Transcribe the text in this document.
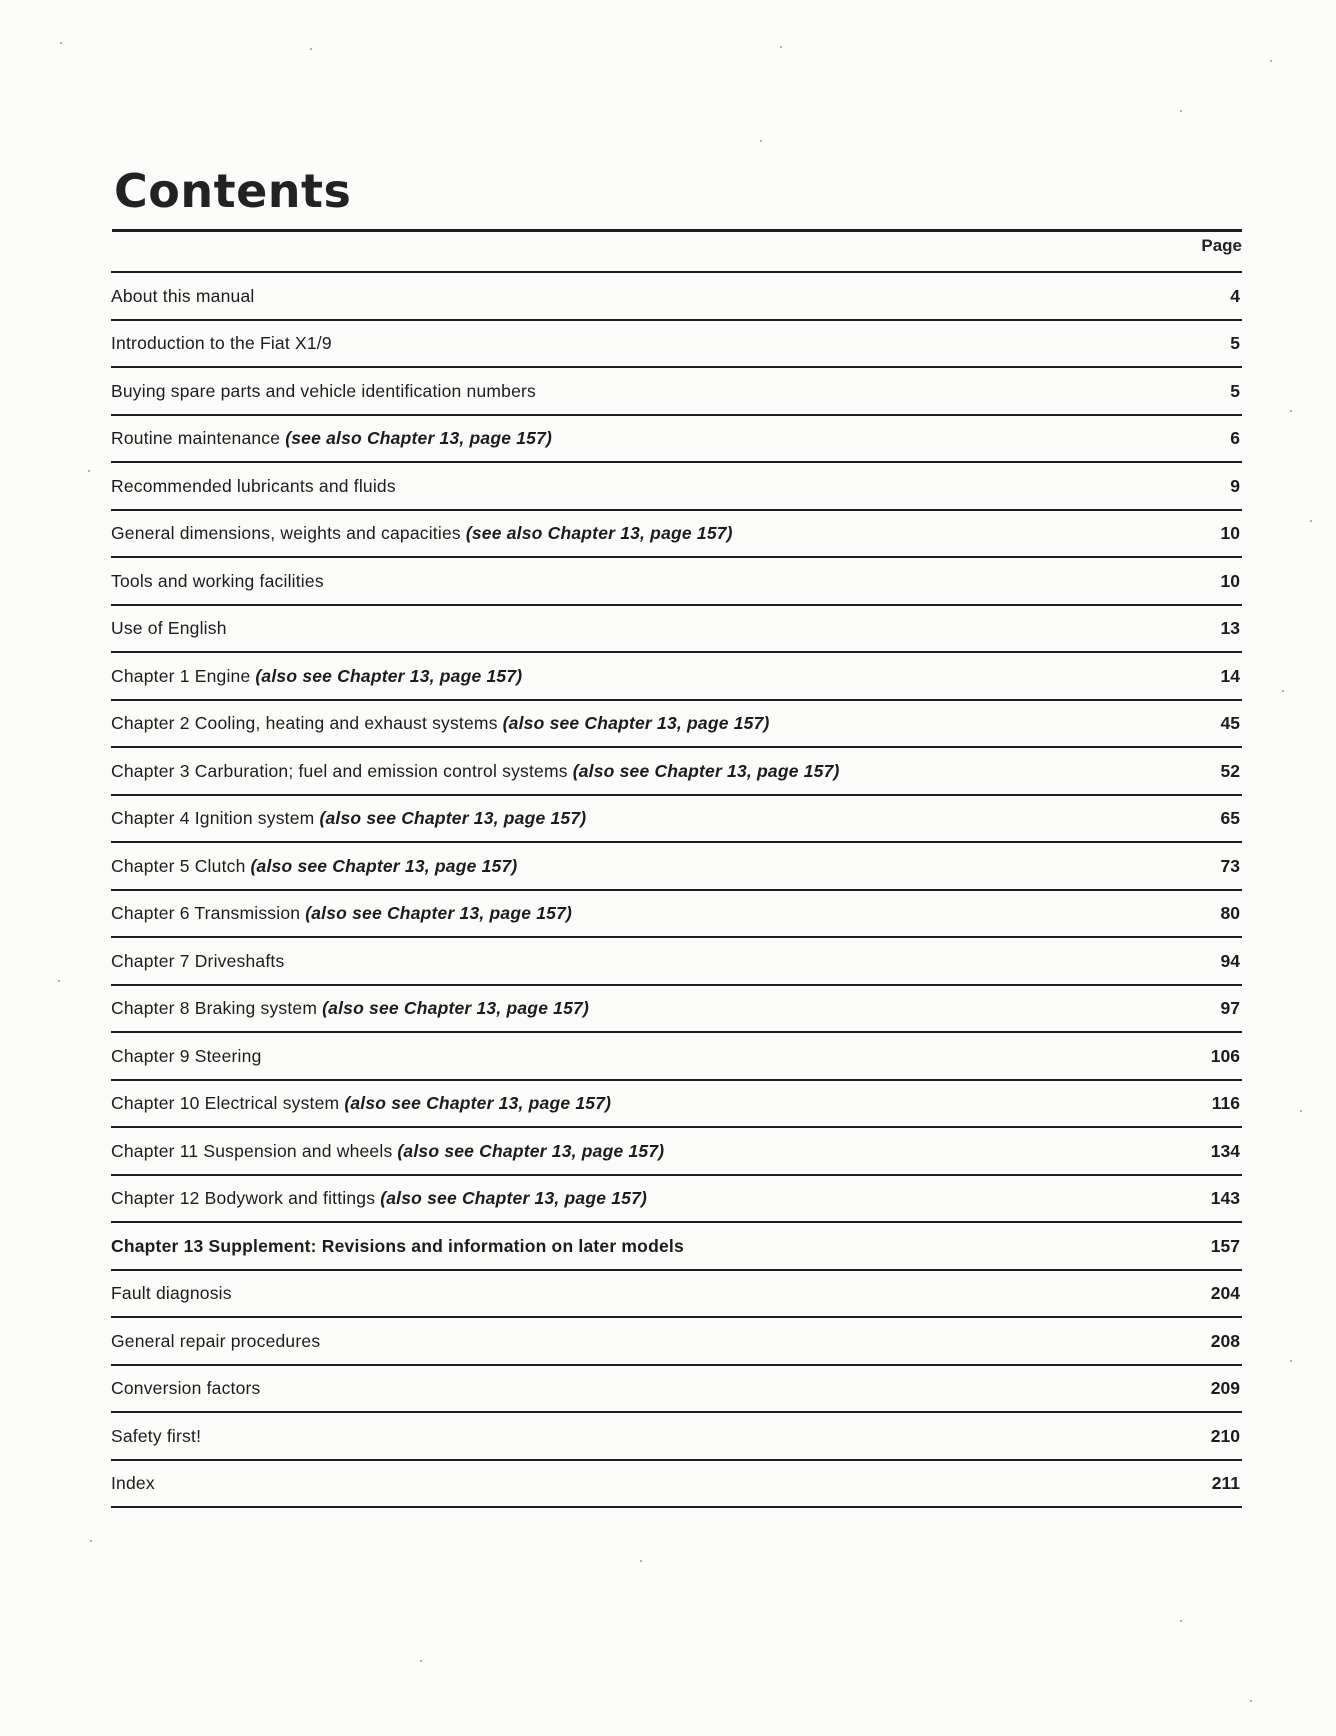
Contents
Page
About this manual	4
Introduction to the Fiat X1/9	5
Buying spare parts and vehicle identification numbers	5
Routine maintenance (see also Chapter 13, page 157)	6
Recommended lubricants and fluids	9
General dimensions, weights and capacities (see also Chapter 13, page 157)	10
Tools and working facilities	10
Use of English	13
Chapter 1 Engine (also see Chapter 13, page 157)	14
Chapter 2 Cooling, heating and exhaust systems (also see Chapter 13, page 157)	45
Chapter 3 Carburation; fuel and emission control systems (also see Chapter 13, page 157)	52
Chapter 4 Ignition system (also see Chapter 13, page 157)	65
Chapter 5 Clutch (also see Chapter 13, page 157)	73
Chapter 6 Transmission (also see Chapter 13, page 157)	80
Chapter 7 Driveshafts	94
Chapter 8 Braking system (also see Chapter 13, page 157)	97
Chapter 9 Steering	106
Chapter 10 Electrical system (also see Chapter 13, page 157)	116
Chapter 11 Suspension and wheels (also see Chapter 13, page 157)	134
Chapter 12 Bodywork and fittings (also see Chapter 13, page 157)	143
Chapter 13 Supplement: Revisions and information on later models	157
Fault diagnosis	204
General repair procedures	208
Conversion factors	209
Safety first!	210
Index	211
